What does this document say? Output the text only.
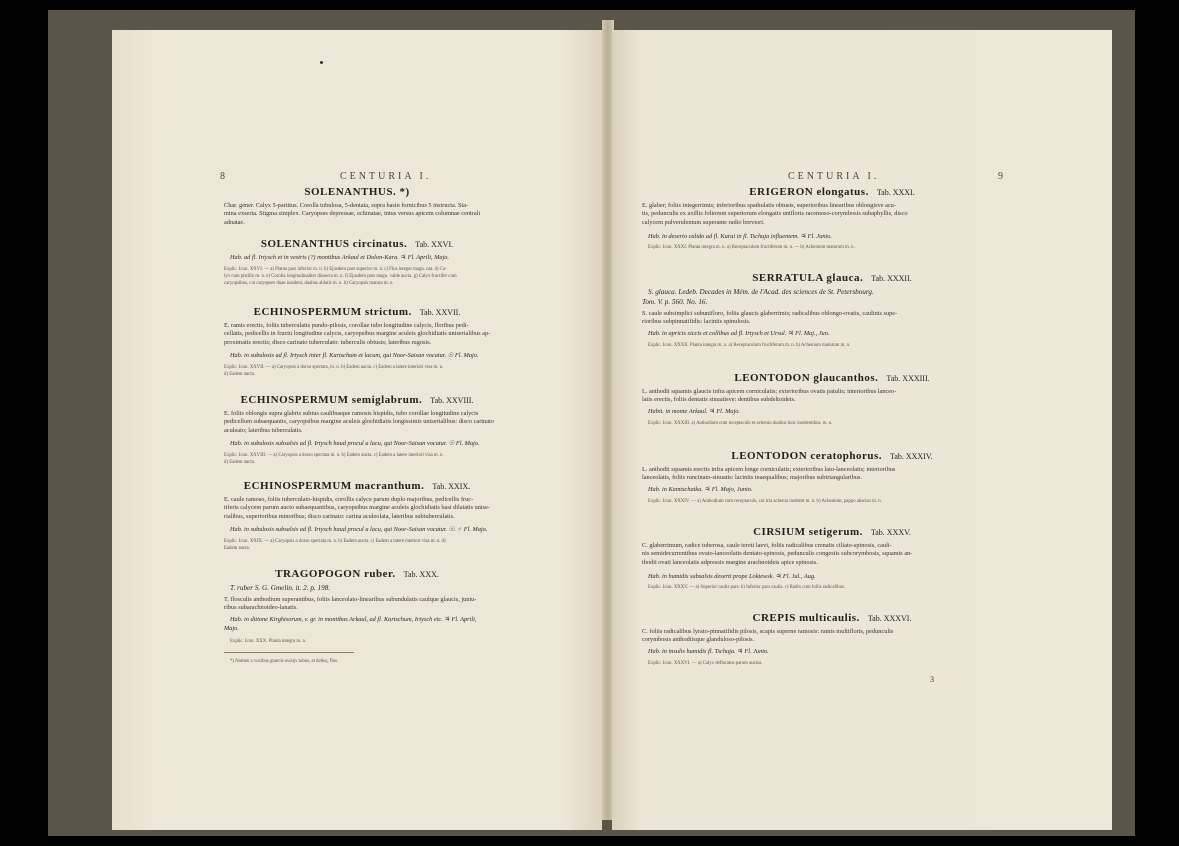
8	CENTURIA I.
SOLENANTHUS. *)
Char. gener. Calyx 5-partitus. Corolla tubulosa, 5-dentata, supra basin fornicibus 5 instructa. Sta-
mina exserta. Stigma simplex. Caryopses depressae, echinatae, intus versus apicem columnae centrali
adnatae.
SOLENANTHUS circinatus. Tab. XXVI.
Hab. ad fl. Irtysch et in vestris (?) montibus Arkaul et Dolon-Kara. ♃ Fl. Aprili, Majo.
Explic. Icon. XXVI. — a) Planta pars inferior m. n. b) Ejusdem pars superior m. n. c) Flos integer magn. nat. d) Ca-
lyx cum pistillo m. n. e) Corolla longitudinaliter dissecta m. n. f) Ejusdem pars magn. valde aucta. g) Calyx fructifer cum
caryopsibus, cui caryopses duae insident, duabus ablatis m. n. h) Caryopsis matura m. n.
ECHINOSPERMUM strictum. Tab. XXVII.
E. ramis erectis, foliis tuberculatis pundo-pilosis, corollae tubo longitudine calycis, floribus pedi-
cellatis, pedicellis in fructu longitudine calycis, caryopsibus margine aculeis glochidiatis uniserialibus ap-
proximatis erectis; disco carinato tuberculato: tuberculis obtusis; lateribus rugosis.
Hab. in subulosis ad fl. Irtysch inter fl. Kurtschum et lacum, qui Noor-Saisan vocatur. ☉ Fl. Majo.
Explic. Icon. XXVII. — a) Caryopsis a dorso spectata, m. n. b) Eadem aucta. c) Eadem a latere interiori visa m. n.
d) Eadem aucta.
ECHINOSPERMUM semiglabrum. Tab. XXVIII.
E. foliis oblongis supra glabris subtus caulibusque ramosis hispidis, tubo corollae longitudine calycis
pedicellum subaequantis, caryopsibus margine aculeis glochidiatis longissimis uniserialibus: disco carinato
aculeato; lateribus tuberculatis.
Hab. in subulosis subsalsis ad fl. Irtysch haud procul a lacu, qui Noor-Saisan vocatur. ☉ Fl. Majo.
Explic. Icon. XXVIII. — a) Caryopsis a dorso spectata m. n. b) Eadem aucta. c) Eadem a latere interiori visa m. n.
d) Eadem aucta.
ECHINOSPERMUM macranthum. Tab. XXIX.
E. caule ramoso, foliis tuberculato-hispidis, corollis calyce parum duplo majoribus, pedicellis fruc-
tiferis calycem parum aucto subaequantibus, caryopsibus margine aculeis glochidiatis basi dilatatis unise-
rialibus, superioribus minoribus; disco carinato: carina aculeolata, lateribus subtuberculatis.
Hab. in subulosis subsalsis ad fl. Irtysch haud procul a lacu, qui Noor-Saisan vocatur. ☉. ♂ Fl. Majo.
Explic. Icon. XXIX. — a) Caryopsis a dorso spectata m. n. b) Eadem aucta. c) Eadem a latere interiori visa m. n. d)
Eadem aucta.
TRAGOPOGON ruber. Tab. XXX.
T. ruber S. G. Gmelin. it. 2. p. 198.
T. flosculis anthodium superantibus, foliis lanceolato-linearibus subundulatis caulque glaucis, juniu-
ribus subarachnoideo-lanatis.
Hab. in ditione Kirghisorum, v. gr. in montibus Arkaul, ad fl. Kurtschum, Irtysch etc. ♃ Fl. Aprili,
Majo.
Explic. Icon. XXX. Planta integra m. n.
*) Nomen a vocibus graecis σωλήν tubus, et ἄνθος, flos.
CENTURIA I.	9
ERIGERON elongatus. Tab. XXXI.
E. glaber; foliis integerrimis; inferioribus spathulatis obtusis, superioribus linearibus oblongisve acu-
tis, pedunculis ex axillis foliorum superiorum elongatis unifloris racemoso-corymbosis subaphyllis, disco
calycem pulverulentum superante radio breviori.
Hab. in deserto calido ad fl. Kurai in fl. Tschuja influentem. ♃ Fl. Junio.
Explic. Icon. XXXI. Planta integra m. n. a) Receptaculum fructiferum m. n. — b) Achenium maturum m. n.
SERRATULA glauca. Tab. XXXII.
S. glauca. Ledeb. Decades in Mém. de l'Acad. des sciences de St. Petersbourg.
Tom. V. p. 560. No. 16.
S. caule subsimplici subunifloro, foliis glaucis glaberrimis; radicalibus oblongo-ovatis, caulinis supe-
rioribus subpinnatifidis: laciniis spinulosis.
Hab. in apricis siccis et collibus ad fl. Irtysch et Ursul. ♃ Fl. Maj., Jun.
Explic. Icon. XXXII. Planta integra m. n. a) Receptaculum fructiferum m. n. b) Achenium maturum m. n.
LEONTODON glaucanthos. Tab. XXXIII.
L. anthodii squamis glaucis infra apicem corniculatis; exterioribus ovatis patulis; interioribus lanceo-
latis erectis, foliis dentatis sinuatisve: dentibus subdeltoideis.
Habit. in monte Arkaul. ♃ Fl. Majo.
Explic. Icon. XXXIII. a) Anthodium cum receptaculo et achenio duobus huic insidentibus. m. n.
LEONTODON ceratophorus. Tab. XXXIV.
L. anthodii squamis erectis infra apicem longe corniculatis; exterioribus lato-lanceolatis; interioribus
lanceolatis, foliis runcinato-sinuatis: laciniis inaequalibus; majoribus subtriangularibus.
Hab. in Kamtschatka. ♃ Fl. Majo, Junio.
Explic. Icon. XXXIV. — a) Anthodium cum receptaculo, cui tria achenia insident m. n. b) Achenium, pappo absciso m. n.
CIRSIUM setigerum. Tab. XXXV.
C. glaberrimum, radice tuberosa, caule tereti laevi, foliis radicalibus crenatis ciliato-spinosis, cauli-
nis semidecurrentibus ovato-lanceolatis dentato-spinosis, pedunculis congestis subcorymbosis, squamis an-
thodii ovati lanceolatis adpressis margine arachnoideis apice spinosis.
Hab. in humidis subsalsis deserti prope Loktewsk. ♃ Fl. Jul., Aug.
Explic. Icon. XXXV. — a) Superior caulis pars. b) Inferior pars caulis. c) Radix cum foliis radicalibus.
CREPIS multicaulis. Tab. XXXVI.
C. foliis radicalibus lyrato-pinnatifidis pilosis, scapis superne ramosis: ramis multifloris, pedunculis
corymbosis anthodiisque glanduloso-pilosis.
Hab. in insulis humidis fl. Tschuja. ♃ Fl. Junio.
Explic. Icon. XXXVI. — a) Calyx defloratus parum auctus.
3
